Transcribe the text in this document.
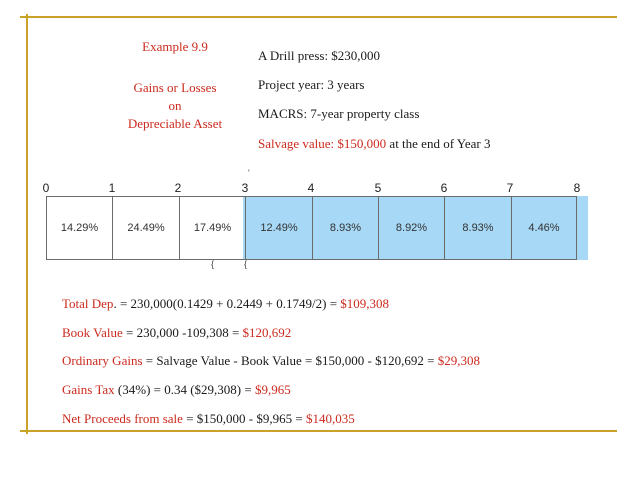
Example 9.9
Gains or Losses
on
Depreciable Asset
A Drill press: $230,000
Project year: 3 years
MACRS: 7-year property class
Salvage value: $150,000 at the end of Year 3
0	1	2	3	4	5	6	7	8
'
14.29%	24.49%	17.49%	12.49%	8.93%	8.92%	8.93%	4.46%
{	{
Total Dep. = 230,000(0.1429 + 0.2449 + 0.1749/2) = $109,308
Book Value = 230,000 -109,308 = $120,692
Ordinary Gains = Salvage Value - Book Value = $150,000 - $120,692 = $29,308
Gains Tax (34%) = 0.34 ($29,308) = $9,965
Net Proceeds from sale = $150,000 - $9,965 = $140,035
